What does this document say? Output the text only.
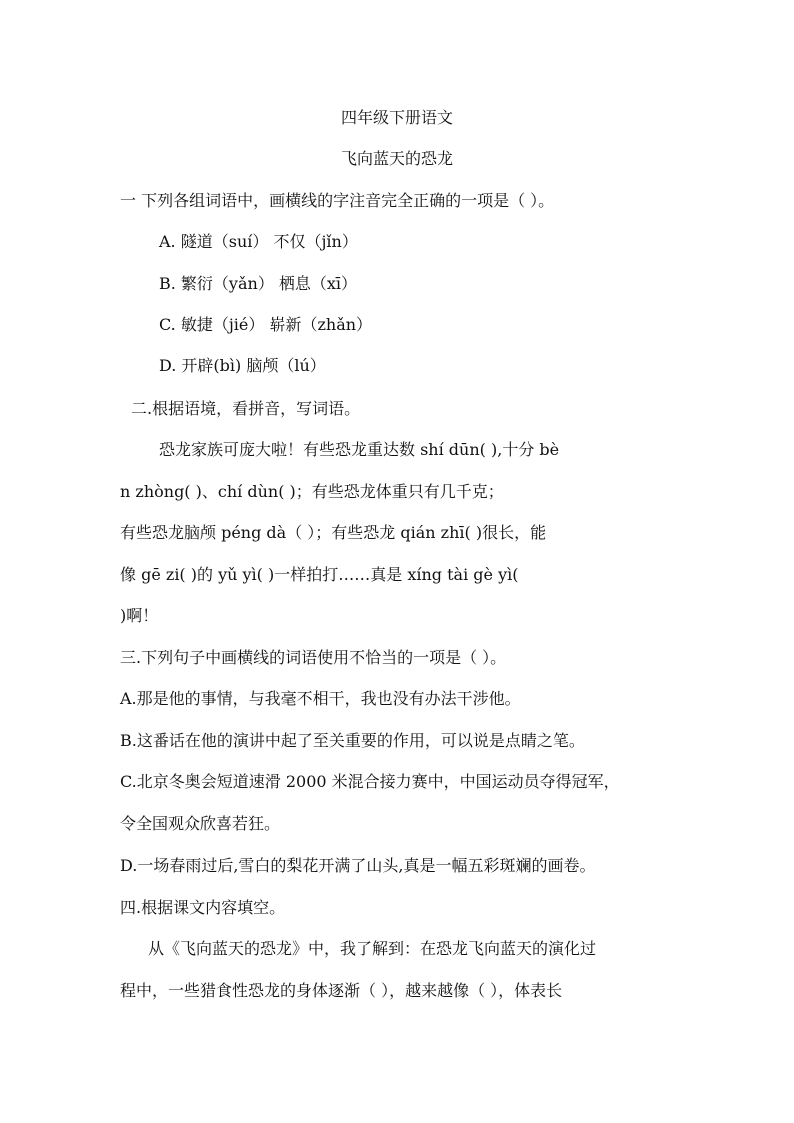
四年级下册语文
飞向蓝天的恐龙
一 下列各组词语中，画横线的字注音完全正确的一项是（ ）。
A. 隧道（suí） 不仅（jǐn）
B. 繁衍（yǎn） 栖息（xī）
C. 敏捷（jié） 崭新（zhǎn）
D. 开辟(bì) 脑颅（lú）
二.根据语境，看拼音，写词语。
恐龙家族可庞大啦！有些恐龙重达数 shí dūn( ),十分 bè
n zhòng( )、chí dùn( )；有些恐龙体重只有几千克；
有些恐龙脑颅 péng dà（ ）；有些恐龙 qián zhī( )很长，能
像 gē zi( )的 yǔ yì( )一样拍打……真是 xíng tài gè yì(
)啊！
三.下列句子中画横线的词语使用不恰当的一项是（ ）。
A.那是他的事情，与我毫不相干，我也没有办法干涉他。
B.这番话在他的演讲中起了至关重要的作用，可以说是点睛之笔。
C.北京冬奥会短道速滑 2000 米混合接力赛中，中国运动员夺得冠军，
令全国观众欣喜若狂。
D.一场春雨过后,雪白的梨花开满了山头,真是一幅五彩斑斓的画卷。
四.根据课文内容填空。
从《飞向蓝天的恐龙》中，我了解到：在恐龙飞向蓝天的演化过
程中，一些猎食性恐龙的身体逐渐（ ），越来越像（ ），体表长
